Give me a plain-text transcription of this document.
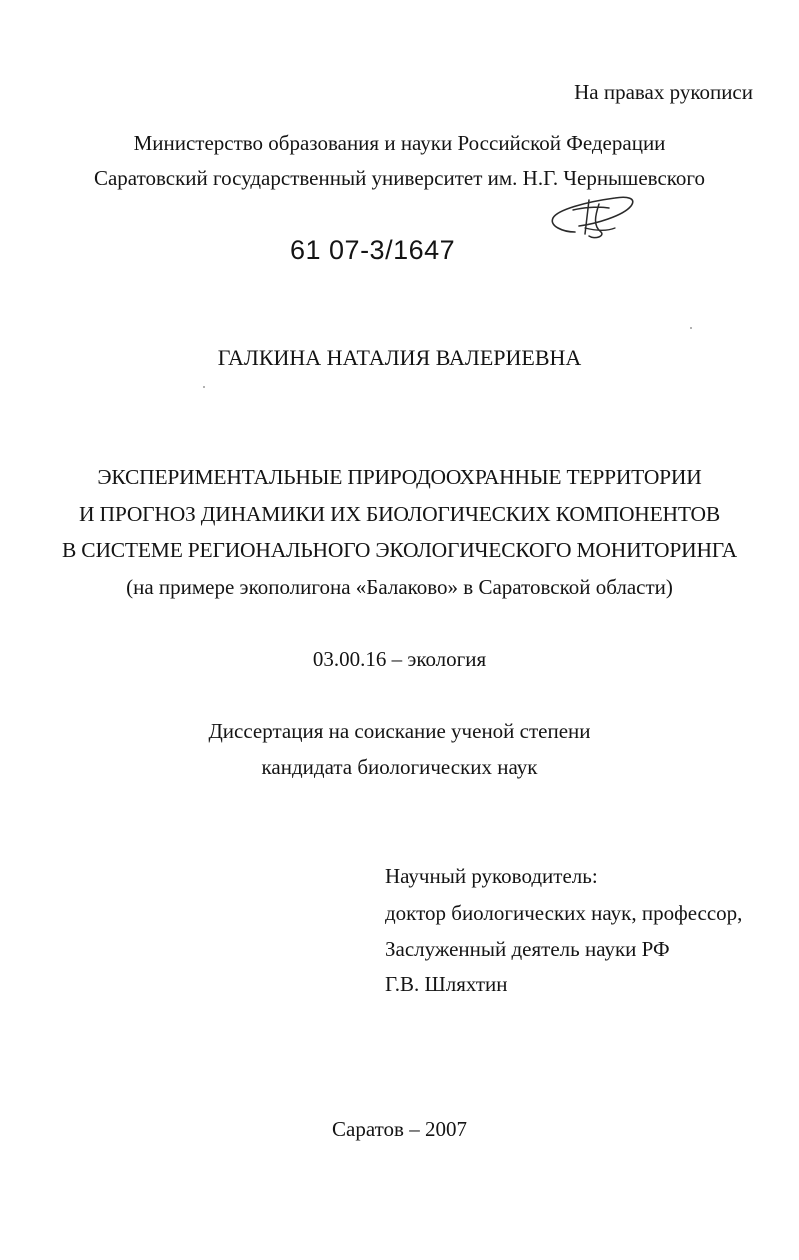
На правах рукописи
Министерство образования и науки Российской Федерации
Саратовский государственный университет им. Н.Г. Чернышевского
61 07-3/1647
ГАЛКИНА НАТАЛИЯ ВАЛЕРИЕВНА
ЭКСПЕРИМЕНТАЛЬНЫЕ ПРИРОДООХРАННЫЕ ТЕРРИТОРИИ
И ПРОГНОЗ ДИНАМИКИ ИХ БИОЛОГИЧЕСКИХ КОМПОНЕНТОВ
В СИСТЕМЕ РЕГИОНАЛЬНОГО ЭКОЛОГИЧЕСКОГО МОНИТОРИНГА
(на примере экополигона «Балаково» в Саратовской области)
03.00.16 – экология
Диссертация на соискание ученой степени
кандидата биологических наук
Научный руководитель:
доктор биологических наук, профессор,
Заслуженный деятель науки РФ
Г.В. Шляхтин
Саратов – 2007
